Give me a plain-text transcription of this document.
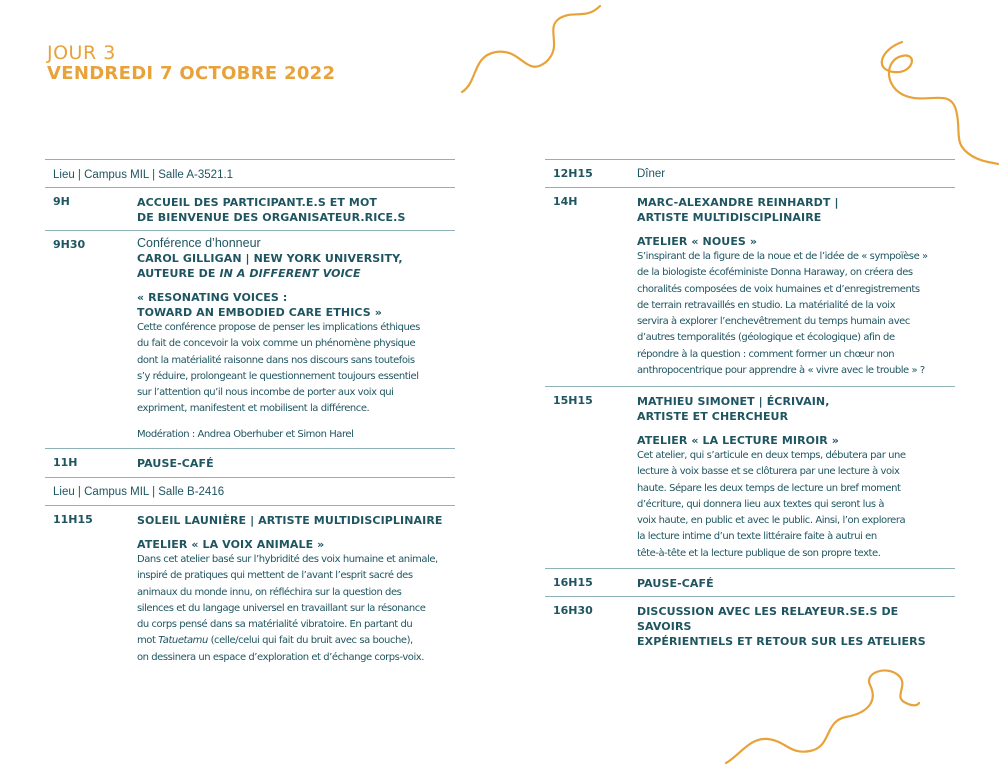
JOUR 3
VENDREDI 7 OCTOBRE 2022
Lieu | Campus MIL | Salle A-3521.1
9H	ACCUEIL DES PARTICIPANT.E.S ET MOT
DE BIENVENUE DES ORGANISATEUR.RICE.S
9H30	Conférence d’honneur
CAROL GILLIGAN | NEW YORK UNIVERSITY,
AUTEURE DE IN A DIFFERENT VOICE
« RESONATING VOICES :
TOWARD AN EMBODIED CARE ETHICS »
Cette conférence propose de penser les implications éthiques
du fait de concevoir la voix comme un phénomène physique
dont la matérialité raisonne dans nos discours sans toutefois
s’y réduire, prolongeant le questionnement toujours essentiel
sur l’attention qu’il nous incombe de porter aux voix qui
expriment, manifestent et mobilisent la différence.
Modération : Andrea Oberhuber et Simon Harel
11H	PAUSE-CAFÉ
Lieu | Campus MIL | Salle B-2416
11H15	SOLEIL LAUNIÈRE | ARTISTE MULTIDISCIPLINAIRE
ATELIER « LA VOIX ANIMALE »
Dans cet atelier basé sur l’hybridité des voix humaine et animale,
inspiré de pratiques qui mettent de l’avant l’esprit sacré des
animaux du monde innu, on réfléchira sur la question des
silences et du langage universel en travaillant sur la résonance
du corps pensé dans sa matérialité vibratoire. En partant du
mot Tatuetamu (celle/celui qui fait du bruit avec sa bouche),
on dessinera un espace d’exploration et d’échange corps-voix.
12H15	Dîner
14H	MARC-ALEXANDRE REINHARDT |
ARTISTE MULTIDISCIPLINAIRE
ATELIER « NOUES »
S’inspirant de la figure de la noue et de l’idée de « sympoïèse »
de la biologiste écoféministe Donna Haraway, on créera des
choralités composées de voix humaines et d’enregistrements
de terrain retravaillés en studio. La matérialité de la voix
servira à explorer l’enchevêtrement du temps humain avec
d’autres temporalités (géologique et écologique) afin de
répondre à la question : comment former un chœur non
anthropocentrique pour apprendre à « vivre avec le trouble » ?
15H15	MATHIEU SIMONET | ÉCRIVAIN,
ARTISTE ET CHERCHEUR
ATELIER « LA LECTURE MIROIR »
Cet atelier, qui s’articule en deux temps, débutera par une
lecture à voix basse et se clôturera par une lecture à voix
haute. Sépare les deux temps de lecture un bref moment
d’écriture, qui donnera lieu aux textes qui seront lus à
voix haute, en public et avec le public. Ainsi, l’on explorera
la lecture intime d’un texte littéraire faite à autrui en
tête-à-tête et la lecture publique de son propre texte.
16H15	PAUSE-CAFÉ
16H30	DISCUSSION AVEC LES RELAYEUR.SE.S DE SAVOIRS
EXPÉRIENTIELS ET RETOUR SUR LES ATELIERS
